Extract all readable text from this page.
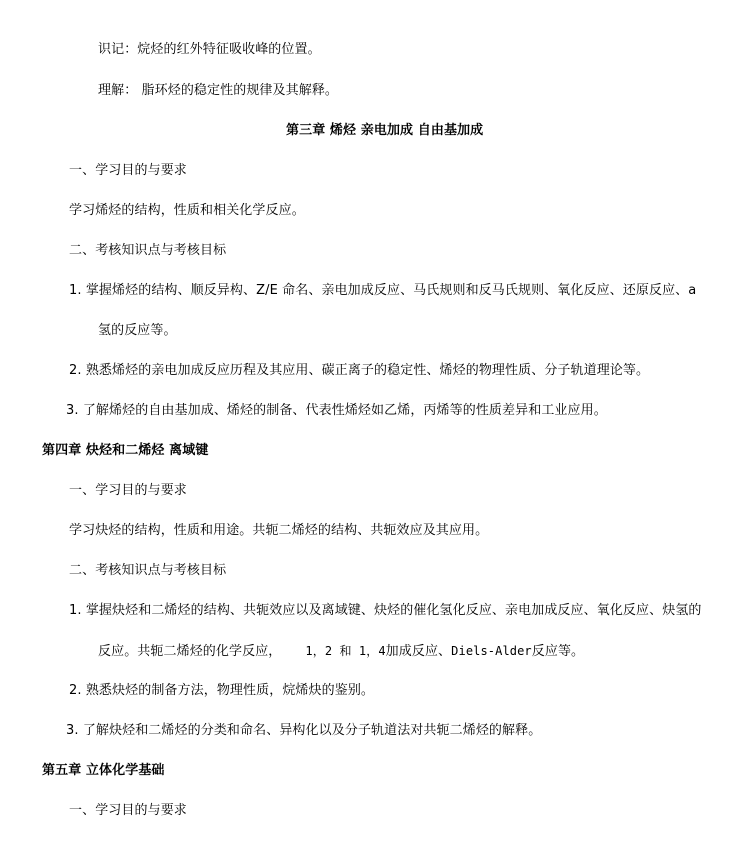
识记：烷烃的红外特征吸收峰的位置。
理解： 脂环烃的稳定性的规律及其解释。
第三章 烯烃 亲电加成 自由基加成
一、学习目的与要求
学习烯烃的结构，性质和相关化学反应。
二、考核知识点与考核目标
1. 掌握烯烃的结构、顺反异构、Z/E 命名、亲电加成反应、马氏规则和反马氏规则、氧化反应、还原反应、a
氢的反应等。
2. 熟悉烯烃的亲电加成反应历程及其应用、碳正离子的稳定性、烯烃的物理性质、分子轨道理论等。
3. 了解烯烃的自由基加成、烯烃的制备、代表性烯烃如乙烯，丙烯等的性质差异和工业应用。
第四章 炔烃和二烯烃 离域键
一、学习目的与要求
学习炔烃的结构，性质和用途。共轭二烯烃的结构、共轭效应及其应用。
二、考核知识点与考核目标
1. 掌握炔烃和二烯烃的结构、共轭效应以及离域键、炔烃的催化氢化反应、亲电加成反应、氧化反应、炔氢的
反应。共轭二烯烃的化学反应， 1，2 和 1，4加成反应、Diels-Alder反应等。
2. 熟悉炔烃的制备方法，物理性质，烷烯炔的鉴别。
3. 了解炔烃和二烯烃的分类和命名、异构化以及分子轨道法对共轭二烯烃的解释。
第五章 立体化学基础
一、学习目的与要求
